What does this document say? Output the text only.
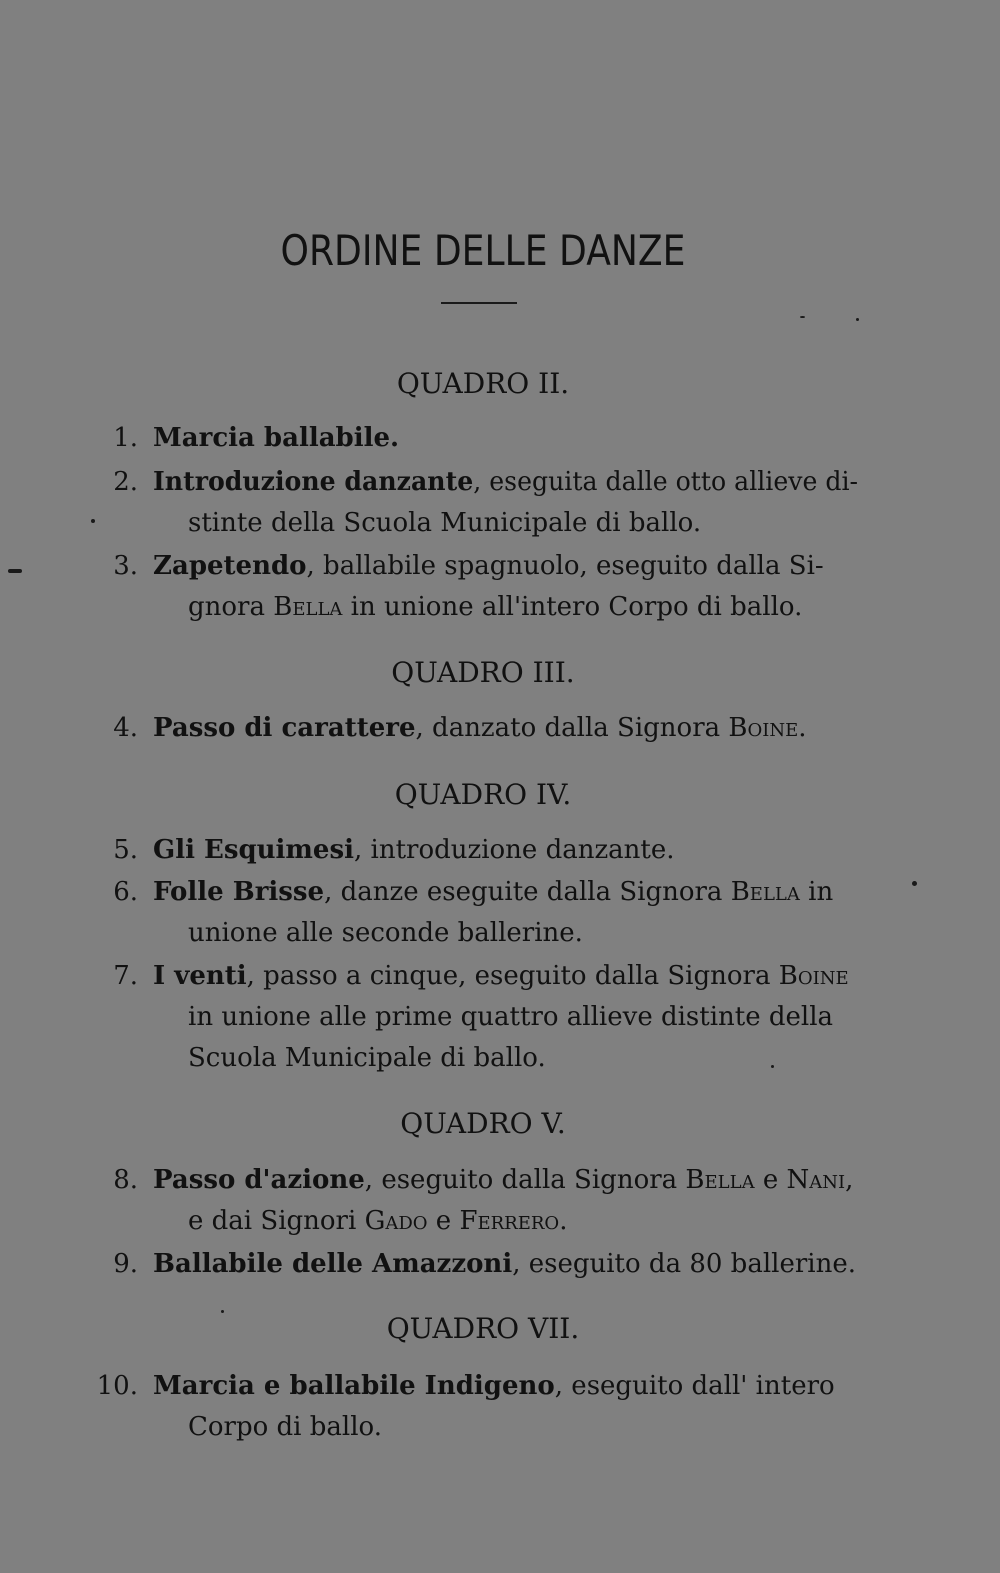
ORDINE DELLE DANZE
QUADRO II.
1. Marcia ballabile.
2. Introduzione danzante, eseguita dalle otto allieve di-
stinte della Scuola Municipale di ballo.
3. Zapetendo, ballabile spagnuolo, eseguito dalla Si-
gnora Bella in unione all'intero Corpo di ballo.
QUADRO III.
4. Passo di carattere, danzato dalla Signora Boine.
QUADRO IV.
5. Gli Esquimesi, introduzione danzante.
6. Folle Brisse, danze eseguite dalla Signora Bella in
unione alle seconde ballerine.
7. I venti, passo a cinque, eseguito dalla Signora Boine
in unione alle prime quattro allieve distinte della
Scuola Municipale di ballo.
QUADRO V.
8. Passo d'azione, eseguito dalla Signora Bella e Nani,
e dai Signori Gado e Ferrero.
9. Ballabile delle Amazzoni, eseguito da 80 ballerine.
QUADRO VII.
10. Marcia e ballabile Indigeno, eseguito dall' intero
Corpo di ballo.
